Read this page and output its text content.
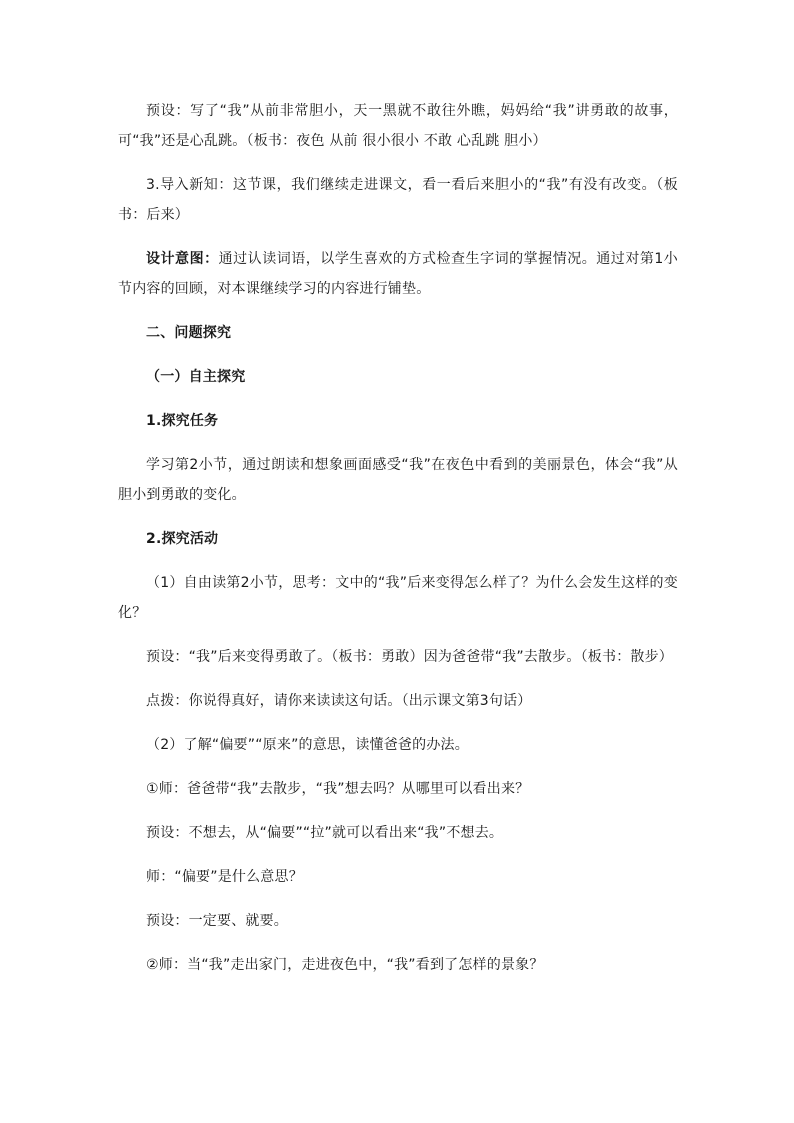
预设：写了“我”从前非常胆小，天一黑就不敢往外瞧，妈妈给“我”讲勇敢的故事，可“我”还是心乱跳。（板书：夜色 从前 很小很小 不敢 心乱跳 胆小）

3.导入新知：这节课，我们继续走进课文，看一看后来胆小的“我”有没有改变。（板书：后来）

设计意图：通过认读词语，以学生喜欢的方式检查生字词的掌握情况。通过对第1小节内容的回顾，对本课继续学习的内容进行铺垫。

二、问题探究

（一）自主探究

1.探究任务

学习第2小节，通过朗读和想象画面感受“我”在夜色中看到的美丽景色，体会“我”从胆小到勇敢的变化。

2.探究活动

（1）自由读第2小节，思考：文中的“我”后来变得怎么样了？为什么会发生这样的变化？

预设：“我”后来变得勇敢了。（板书：勇敢）因为爸爸带“我”去散步。（板书：散步）

点拨：你说得真好，请你来读读这句话。（出示课文第3句话）

（2）了解“偏要”“原来”的意思，读懂爸爸的办法。

①师：爸爸带“我”去散步，“我”想去吗？从哪里可以看出来？

预设：不想去，从“偏要”“拉”就可以看出来“我”不想去。

师：“偏要”是什么意思？

预设：一定要、就要。

②师：当“我”走出家门，走进夜色中，“我”看到了怎样的景象？
